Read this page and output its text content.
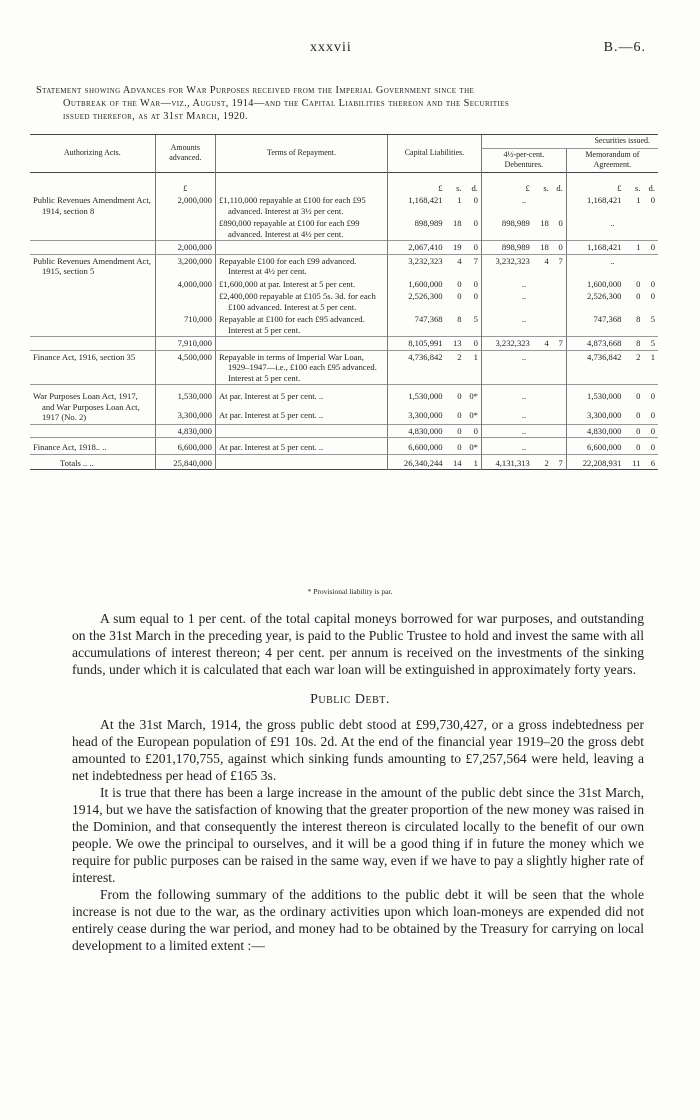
xxxvii	B.—6.
Statement showing Advances for War Purposes received from the Imperial Government since the
Outbreak of the War—viz., August, 1914—and the Capital Liabilities thereon and the Securities
issued therefor, as at 31st March, 1920.
Authorizing Acts.	Amounts advanced.	Terms of Repayment.	Capital Liabilities.			Securities issued.					
						4½-per-cent. Debentures.			Memorandum of Agreement.		
	£		£	s.	d.	£	s.	d.	£	s.	d.
Public Revenues Amendment Act, 1914, section 8	2,000,000	£1,110,000 repayable at £100 for each £95 advanced. Interest at 3½ per cent.	1,168,421	1	0	..			1,168,421	1	0
		£890,000 repayable at £100 for each £99 advanced. Interest at 4½ per cent.	898,989	18	0	898,989	18	0	..		
	2,000,000		2,067,410	19	0	898,989	18	0	1,168,421	1	0
Public Revenues Amendment Act, 1915, section 5	3,200,000	Repayable £100 for each £99 advanced. Interest at 4½ per cent.	3,232,323	4	7	3,232,323	4	7	..		
	4,000,000	£1,600,000 at par. Interest at 5 per cent.	1,600,000	0	0	..			1,600,000	0	0
		£2,400,000 repayable at £105 5s. 3d. for each £100 advanced. Interest at 5 per cent.	2,526,300	0	0	..			2,526,300	0	0
	710,000	Repayable at £100 for each £95 advanced. Interest at 5 per cent.	747,368	8	5	..			747,368	8	5
	7,910,000		8,105,991	13	0	3,232,323	4	7	4,873,668	8	5
Finance Act, 1916, section 35	4,500,000	Repayable in terms of Imperial War Loan, 1929–1947—i.e., £100 each £95 advanced. Interest at 5 per cent.	4,736,842	2	1	..			4,736,842	2	1
War Purposes Loan Act, 1917, and War Purposes Loan Act, 1917 (No. 2)	1,530,000	At par. Interest at 5 per cent. ..	1,530,000	0	0*	..			1,530,000	0	0
	3,300,000	At par. Interest at 5 per cent. ..	3,300,000	0	0*	..			3,300,000	0	0
	4,830,000		4,830,000	0	0	..			4,830,000	0	0
Finance Act, 1918.. ..	6,600,000	At par. Interest at 5 per cent. ..	6,600,000	0	0*	..			6,600,000	0	0
Totals .. ..	25,840,000		26,340,244	14	1	4,131,313	2	7	22,208,931	11	6
* Provisional liability is par.

A sum equal to 1 per cent. of the total capital moneys borrowed for war purposes, and outstanding on the 31st March in the preceding year, is paid to the Public Trustee to hold and invest the same with all accumulations of interest thereon; 4 per cent. per annum is received on the investments of the sinking funds, under which it is calculated that each war loan will be extinguished in approximately forty years.

Public Debt.

At the 31st March, 1914, the gross public debt stood at £99,730,427, or a gross indebtedness per head of the European population of £91 10s. 2d. At the end of the financial year 1919–20 the gross debt amounted to £201,170,755, against which sinking funds amounting to £7,257,564 were held, leaving a net indebtedness per head of £165 3s.

It is true that there has been a large increase in the amount of the public debt since the 31st March, 1914, but we have the satisfaction of knowing that the greater proportion of the new money was raised in the Dominion, and that consequently the interest thereon is circulated locally to the benefit of our own people. We owe the principal to ourselves, and it will be a good thing if in future the money which we require for public purposes can be raised in the same way, even if we have to pay a slightly higher rate of interest.

From the following summary of the additions to the public debt it will be seen that the whole increase is not due to the war, as the ordinary activities upon which loan-moneys are expended did not entirely cease during the war period, and money had to be obtained by the Treasury for carrying on local development to a limited extent :—
